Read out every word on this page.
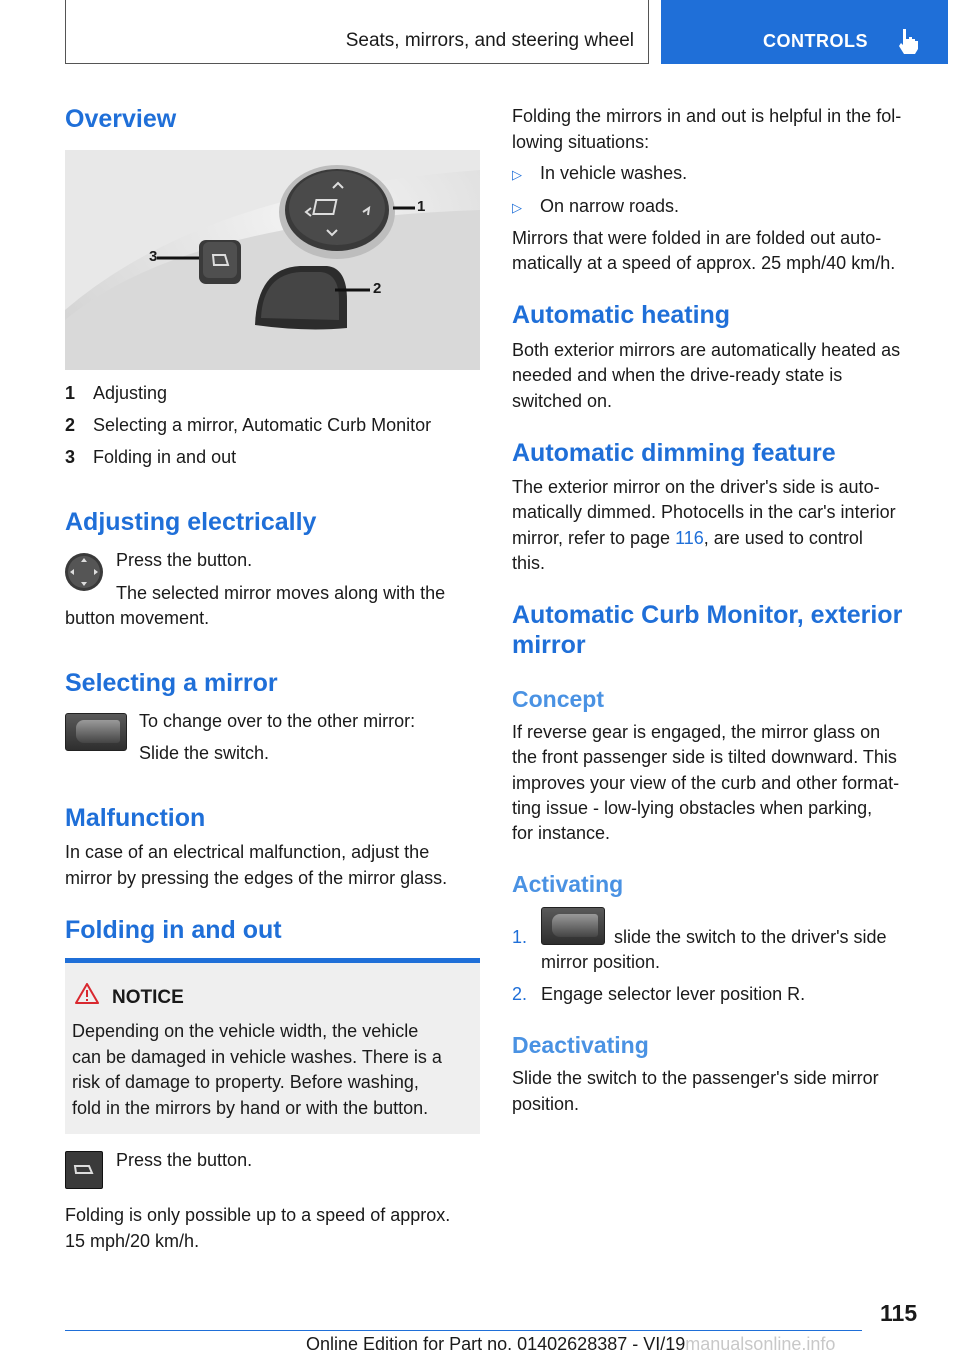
Seats, mirrors, and steering wheel	CONTROLS
Overview
1
2
3
1 Adjusting
2 Selecting a mirror, Automatic Curb Monitor
3 Folding in and out
Adjusting electrically
Press the button.
The selected mirror moves along with the
button movement.
Selecting a mirror
To change over to the other mirror:
Slide the switch.
Malfunction
In case of an electrical malfunction, adjust the
mirror by pressing the edges of the mirror glass.
Folding in and out
NOTICE
Depending on the vehicle width, the vehicle
can be damaged in vehicle washes. There is a
risk of damage to property. Before washing,
fold in the mirrors by hand or with the button.
Press the button.
Folding is only possible up to a speed of approx.
15 mph/20 km/h.
Folding the mirrors in and out is helpful in the fol‐
lowing situations:
▷ In vehicle washes.
▷ On narrow roads.
Mirrors that were folded in are folded out auto‐
matically at a speed of approx. 25 mph/40 km/h.
Automatic heating
Both exterior mirrors are automatically heated as
needed and when the drive-ready state is
switched on.
Automatic dimming feature
The exterior mirror on the driver's side is auto‐
matically dimmed. Photocells in the car's interior
mirror, refer to page 116, are used to control
this.
Automatic Curb Monitor, exterior
mirror
Concept
If reverse gear is engaged, the mirror glass on
the front passenger side is tilted downward. This
improves your view of the curb and other format‐
ting issue - low-lying obstacles when parking,
for instance.
Activating
1.	slide the switch to the driver's side
mirror position.
2. Engage selector lever position R.
Deactivating
Slide the switch to the passenger's side mirror
position.
115
Online Edition for Part no. 01402628387 - VI/19manualsonline.info
